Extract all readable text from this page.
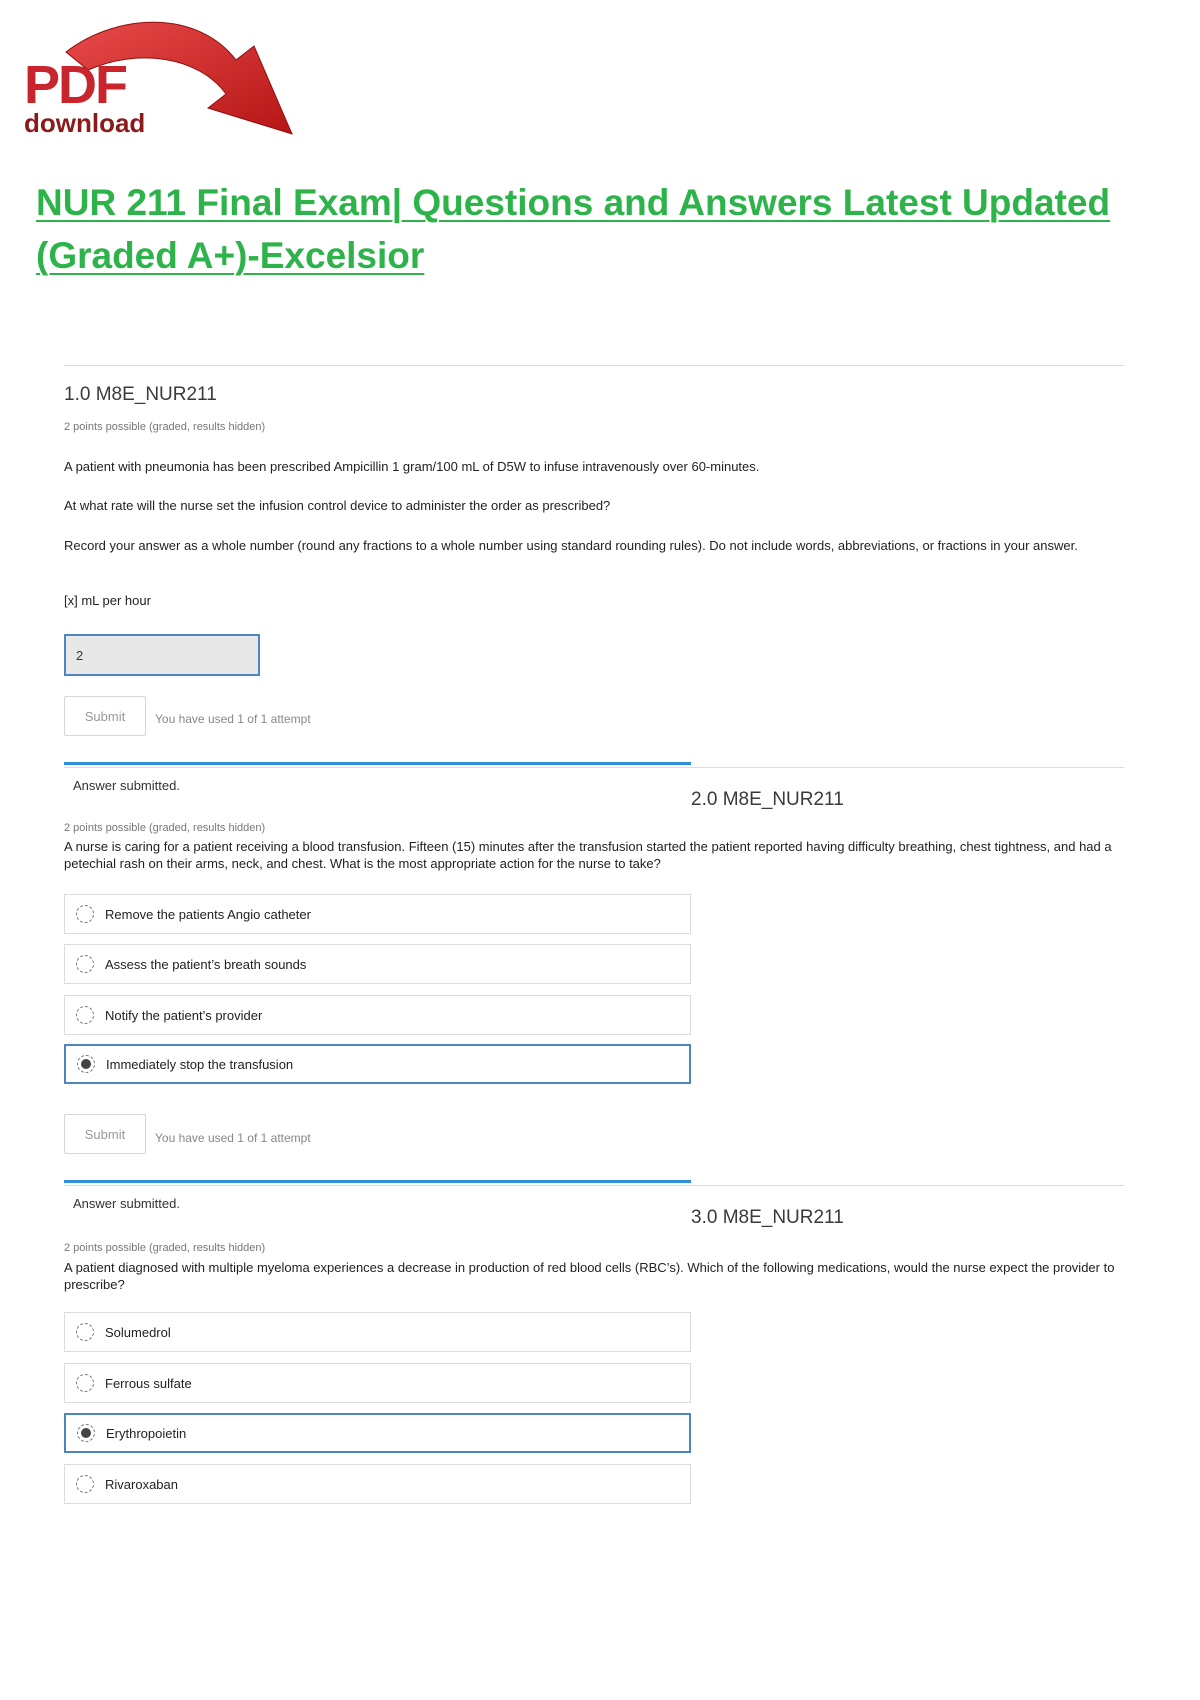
PDF
download
NUR 211 Final Exam| Questions and Answers Latest Updated
(Graded A+)-Excelsior
1.0 M8E_NUR211
2 points possible (graded, results hidden)
A patient with pneumonia has been prescribed Ampicillin 1 gram/100 mL of D5W to infuse intravenously over 60-minutes.
At what rate will the nurse set the infusion control device to administer the order as prescribed?
Record your answer as a whole number (round any fractions to a whole number using standard rounding rules). Do not include words, abbreviations, or fractions in your answer.
[x] mL per hour
2
Submit	You have used 1 of 1 attempt
Answer submitted.
2.0 M8E_NUR211
2 points possible (graded, results hidden)
A nurse is caring for a patient receiving a blood transfusion. Fifteen (15) minutes after the transfusion started the patient reported having difficulty breathing, chest tightness, and had a petechial rash on their arms, neck, and chest. What is the most appropriate action for the nurse to take?
Remove the patients Angio catheter
Assess the patient’s breath sounds
Notify the patient’s provider
Immediately stop the transfusion
Submit	You have used 1 of 1 attempt
Answer submitted.
3.0 M8E_NUR211
2 points possible (graded, results hidden)
A patient diagnosed with multiple myeloma experiences a decrease in production of red blood cells (RBC’s). Which of the following medications, would the nurse expect the provider to prescribe?
Solumedrol
Ferrous sulfate
Erythropoietin
Rivaroxaban
